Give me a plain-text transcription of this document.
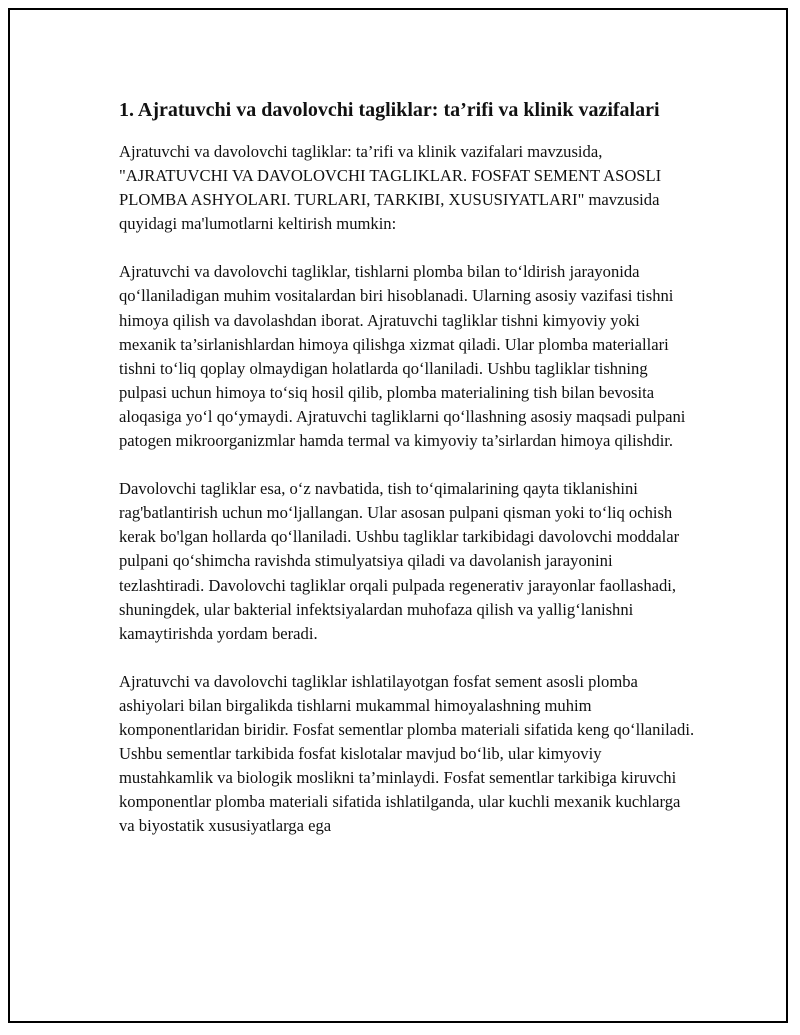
1. Ajratuvchi va davolovchi tagliklar: ta’rifi va klinik vazifalari

Ajratuvchi va davolovchi tagliklar: ta’rifi va klinik vazifalari mavzusida, "AJRATUVCHI VA DAVOLOVCHI TAGLIKLAR. FOSFAT SEMENT ASOSLI PLOMBA ASHYOLARI. TURLARI, TARKIBI, XUSUSIYATLARI" mavzusida quyidagi ma'lumotlarni keltirish mumkin:

Ajratuvchi va davolovchi tagliklar, tishlarni plomba bilan to‘ldirish jarayonida qo‘llaniladigan muhim vositalardan biri hisoblanadi. Ularning asosiy vazifasi tishni himoya qilish va davolashdan iborat. Ajratuvchi tagliklar tishni kimyoviy yoki mexanik ta’sirlanishlardan himoya qilishga xizmat qiladi. Ular plomba materiallari tishni to‘liq qoplay olmaydigan holatlarda qo‘llaniladi. Ushbu tagliklar tishning pulpasi uchun himoya to‘siq hosil qilib, plomba materialining tish bilan bevosita aloqasiga yo‘l qo‘ymaydi. Ajratuvchi tagliklarni qo‘llashning asosiy maqsadi pulpani patogen mikroorganizmlar hamda termal va kimyoviy ta’sirlardan himoya qilishdir.

Davolovchi tagliklar esa, o‘z navbatida, tish to‘qimalarining qayta tiklanishini rag'batlantirish uchun mo‘ljallangan. Ular asosan pulpani qisman yoki to‘liq ochish kerak bo'lgan hollarda qo‘llaniladi. Ushbu tagliklar tarkibidagi davolovchi moddalar pulpani qo‘shimcha ravishda stimulyatsiya qiladi va davolanish jarayonini tezlashtiradi. Davolovchi tagliklar orqali pulpada regenerativ jarayonlar faollashadi, shuningdek, ular bakterial infektsiyalardan muhofaza qilish va yallig‘lanishni kamaytirishda yordam beradi.

Ajratuvchi va davolovchi tagliklar ishlatilayotgan fosfat sement asosli plomba ashiyolari bilan birgalikda tishlarni mukammal himoyalashning muhim komponentlaridan biridir. Fosfat sementlar plomba materiali sifatida keng qo‘llaniladi. Ushbu sementlar tarkibida fosfat kislotalar mavjud bo‘lib, ular kimyoviy mustahkamlik va biologik moslikni ta’minlaydi. Fosfat sementlar tarkibiga kiruvchi komponentlar plomba materiali sifatida ishlatilganda, ular kuchli mexanik kuchlarga va biyostatik xususiyatlarga ega
